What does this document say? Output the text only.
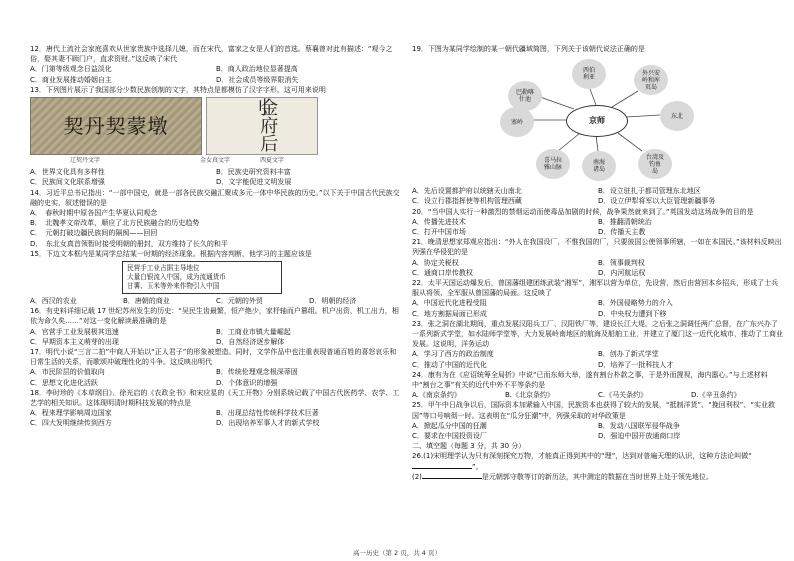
12．唐代上流社会家庭喜欢从世家贵族中选择儿媳，而在宋代，富家之女是人们的首选。蔡襄曾对此有描述：“观今之俗，娶其妻不顾门户，直求资财。”这反映了宋代

A．门第等级观念日益淡化	B．商人政治地位显著提高
C．商业发展推动婚姻自主	D．社会成员等级界限消失

13．下列图片展示了我国部分少数民族创制的文字，其特点是都模仿了汉字字形。这可用来说明

契丹契蒙墩	金府后刂
辽契丹文字	金女真文字	西夏文字
A．世界文化具有多样性	B．民族史研究资料丰富
C．民族间文化联系增强	D．文字能促进文明发展

14．习近平总书记指出：“一部中国史，就是一部各民族交融汇聚成多元一体中华民族的历史。”以下关于中国古代民族交融的史实，叙述错误的是

A．　春秋时期中原各国产生华夏认同观念
B．　北魏孝文帝改革，顺应了北方民族融合的历史趋势
C．　元朝打破边疆民族间的隔阂——回回
D．　东北女真首领暂时接受明朝的册封，双方维持了长久的和平

15．下边文本框内是某同学总结某一时期的经济现象。根据内容判断，他学习的主题应该是

民营手工业占据主导地位
大量白银流入中国，成为流通货币
甘薯、玉米等外来作物引入中国
A．西汉的农业	B．唐朝的商业	C．元朝的外贸	D．明朝的经济

16．有史料详细记载 17 世纪苏州发生的历史：“吴民生齿最繁，恒产绝少，家杼轴而户篡组。机户出资，机工出力，相依为命久矣……”对这一变化解读最准确的是

A．官营手工业发展极其迅速	B．工商业市镇大量崛起
C．早期资本主义萌芽的出现	D．自然经济逐步解体

17．明代小说“三言二拍”中商人开始以“正人君子”的形象被塑造。同时，文学作品中也注重表现普通百姓的喜怒哀乐和日常生活的关系，而歌颂冲破理性化的斗争。这反映出明代

A．市民阶层的价值取向	B．传统伦理观念根深蒂固
C．思想文化进化活跃	D．个体意识的增强

18．李时珍的《本草纲目》、徐光启的《农政全书》和宋应星的《天工开物》分别系统记载了中国古代医药学、农学、工艺学的相关知识。这体现明清时期科技发展的特点是

A．程来理学影响周边国家	B．出现总结性传统科学技术巨著
C．四大发明继续传到西方	D．出现培养军事人才的新式学校

19．下图为某同学绘制的某一朝代疆域简图，下列关于该朝代说法正确的是

西伯
利亚
外兴安
岭和库
页岛
巴勒喀
什池
东北
塞岭	京师
台湾及
钓鱼
岛
喜马拉
雅山脉
南海
诸岛
A．先后设置都护府以统辖天山南北	B．设立驻扎于都司管理东北地区
C．设立行郡指挥使等机构管理西藏	D．设立伊犁将军以大臣管理新疆事务

20．“当中国人实行一种激烈的禁烟运动而使毒品加剧的时候，战争果然就来到了。”英国发动这场战争的目的是

A．传播先进技术	B．推翻清朝统治
C．打开中国市场	D．传播天主教

21．晚清思想家郑观应指出：“外人在我国设厂，不惟我国的厂，只要彼国公使领事所辖，一如在本国民。”该材料反映出列强在华侵犯的是

A．协定关税权	B．领事裁判权
C．通商口岸传教权	D．内河航运权

22．太平天国运动爆发后，曾国藩组建团练武装“湘军”，湘军以营为单位，先设营，然后由营回本乡招兵，形成了士兵服从将领、全军服从曾国藩的局面。这反映了

A．中国近代化进程受阻	B．外国侵略势力的介入
C．地方割据局面已形成	D．中央权力遭到下移

23．张之洞在湖北期间，重点发展汉阳兵工厂、汉阳铁厂等，建设长江大堤。之后张之洞调任两广总督，在广东兴办了一系列新式学堂，如水陆师学堂等，大力发展岭南地区的航海及船舶工业，并建立了厦门这一近代化城市，推动了工商业发展。这说明，洋务运动

A．学习了西方的政治制度	B．创办了新式学堂
C．推动了中国的近代化	D．培养了一批科技人才

24．康有为在《应诏统筹全局折》中说“已而东师大举，遂有割台朴款之事，于是外而觊视，海内嚣心。”与上述材料中“割台之事”有关的近代中外不平等条约是

A.《南京条约》	B.《北京条约》	C.《马关条约》	D.《辛丑条约》

25．甲午中日战争以后，国际资本加紧输入中国，民族资本也获得了较大的发展，“抵制洋货”、“挽回利权”、“实业救国”等口号响彻一时。这表明在“瓜分狂潮”中，列强采取的对华政策是

A．掀起瓜分中国的狂潮	B．发动八国联军侵华战争
C．要求在中国投资设厂	D．强迫中国开放通商口岸

二、填空题（每题 3 分，共 30 分）

26.(1)宋明理学认为只有深刻探究万物，才能真正得到其中的“理”，达到对普遍天理的认识，这种方法论叫做“”。

(2)	是元朝郭守敬等订的新历法，其中测定的数据在当时世界上处于领先地位。

高一历史（第 2 页，共 4 页）
